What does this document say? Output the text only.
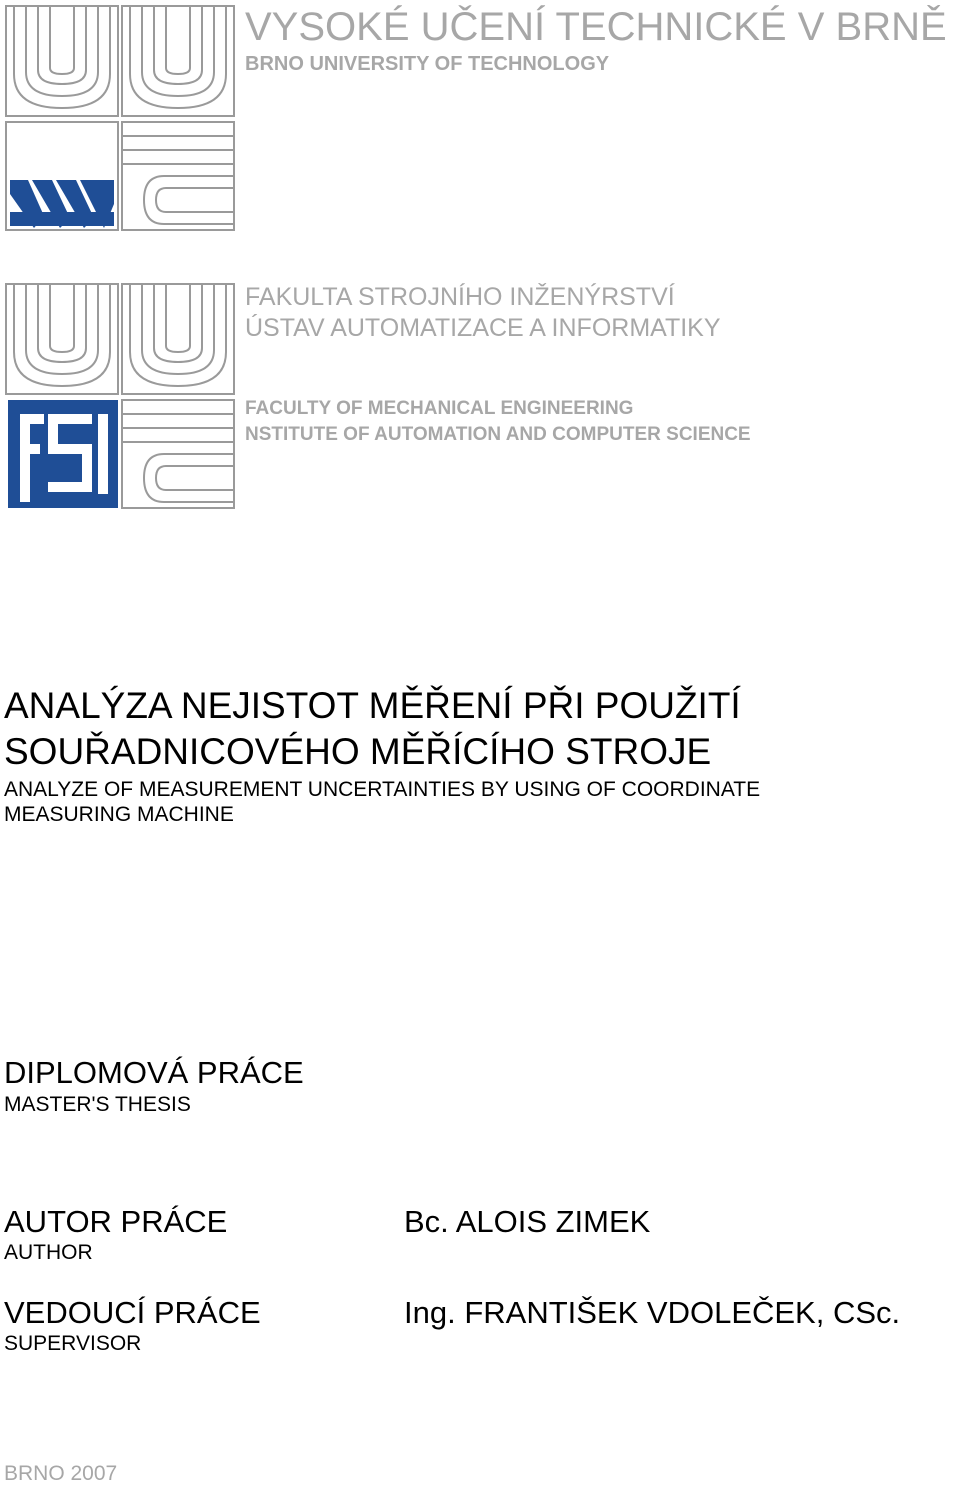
VYSOKÉ UČENÍ TECHNICKÉ V BRNĚ
BRNO UNIVERSITY OF TECHNOLOGY
FAKULTA STROJNÍHO INŽENÝRSTVÍ
ÚSTAV AUTOMATIZACE A INFORMATIKY
FACULTY OF MECHANICAL ENGINEERING
NSTITUTE OF AUTOMATION AND COMPUTER SCIENCE
ANALÝZA NEJISTOT MĚŘENÍ PŘI POUŽITÍ
SOUŘADNICOVÉHO MĚŘÍCÍHO STROJE
ANALYZE OF MEASUREMENT UNCERTAINTIES BY USING OF COORDINATE
MEASURING MACHINE
DIPLOMOVÁ PRÁCE
MASTER'S THESIS
AUTOR PRÁCE
AUTHOR
Bc. ALOIS ZIMEK
VEDOUCÍ PRÁCE
SUPERVISOR
Ing. FRANTIŠEK VDOLEČEK, CSc.
BRNO 2007
